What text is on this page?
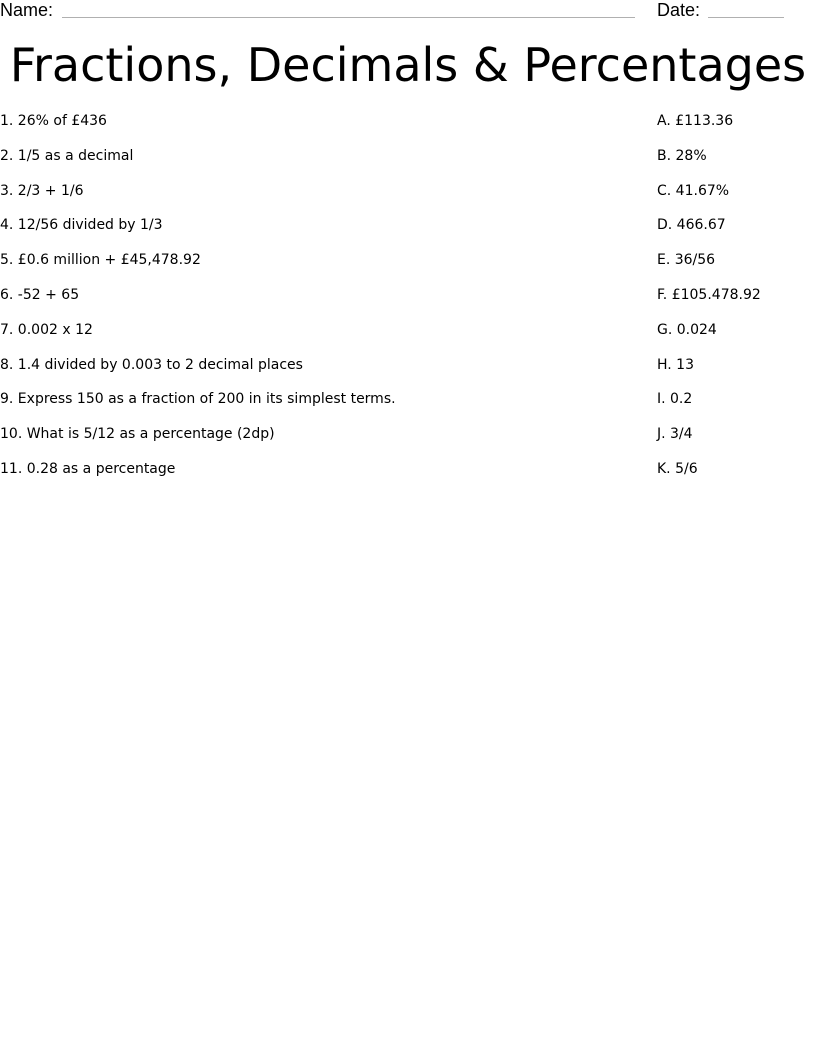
Name:	Date:
Fractions, Decimals & Percentages
1. 26% of £436
2. 1/5 as a decimal
3. 2/3 + 1/6
4. 12/56 divided by 1/3
5. £0.6 million + £45,478.92
6. -52 + 65
7. 0.002 x 12
8. 1.4 divided by 0.003 to 2 decimal places
9. Express 150 as a fraction of 200 in its simplest terms.
10. What is 5/12 as a percentage (2dp)
11. 0.28 as a percentage
A. £113.36
B. 28%
C. 41.67%
D. 466.67
E. 36/56
F. £105.478.92
G. 0.024
H. 13
I. 0.2
J. 3/4
K. 5/6
